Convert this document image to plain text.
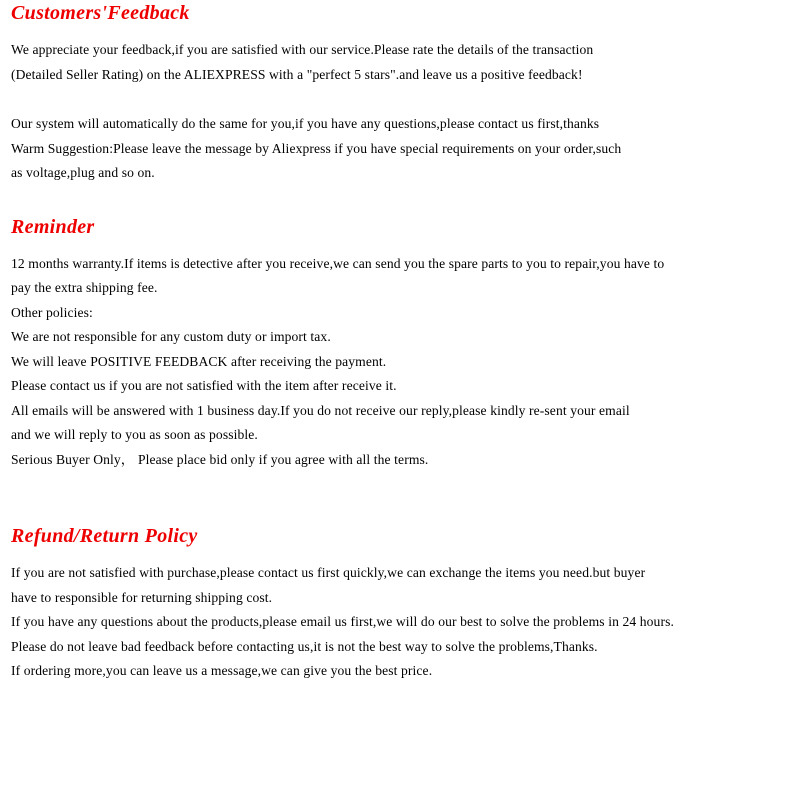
Customers'Feedback
We appreciate your feedback,if you are satisfied with our service.Please rate the details of the transaction
(Detailed Seller Rating) on the ALIEXPRESS with a "perfect 5 stars".and leave us a positive feedback!
Our system will automatically do the same for you,if you have any questions,please contact us first,thanks
Warm Suggestion:Please leave the message by Aliexpress if you have special requirements on your order,such
as voltage,plug and so on.
Reminder
12 months warranty.If items is detective after you receive,we can send you the spare parts to you to repair,you have to
pay the extra shipping fee.
Other policies:
We are not responsible for any custom duty or import tax.
We will leave POSITIVE FEEDBACK after receiving the payment.
Please contact us if you are not satisfied with the item after receive it.
All emails will be answered with 1 business day.If you do not receive our reply,please kindly re-sent your email
and we will reply to you as soon as possible.
Serious Buyer Only， Please place bid only if you agree with all the terms.
Refund/Return Policy
If you are not satisfied with purchase,please contact us first quickly,we can exchange the items you need.but buyer
have to responsible for returning shipping cost.
If you have any questions about the products,please email us first,we will do our best to solve the problems in 24 hours.
Please do not leave bad feedback before contacting us,it is not the best way to solve the problems,Thanks.
If ordering more,you can leave us a message,we can give you the best price.
